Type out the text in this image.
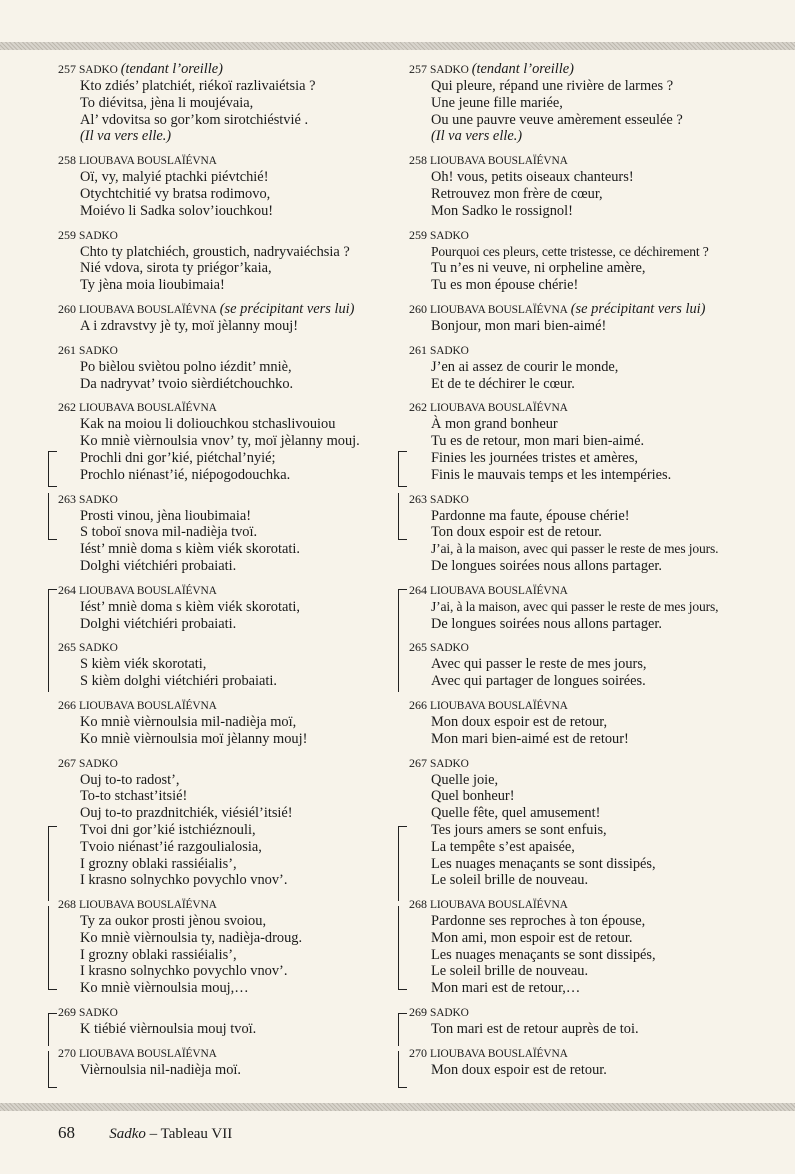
257 SADKO (tendant l’oreille)
Kto zdiés’ platchiét, riékoï razlivaiétsia ?
To diévitsa, jèna li moujévaia,
Al’ vdovitsa so gor’kom sirotchiéstvié .
(Il va vers elle.)
258 LIOUBAVA BOUSLAÏÉVNA
Oï, vy, malyié ptachki piévtchié!
Otychtchitié vy bratsa rodimovo,
Moiévo li Sadka solov’iouchkou!
259 SADKO
Chto ty platchiéch, groustich, nadryvaiéchsia ?
Nié vdova, sirota ty priégor’kaia,
Ty jèna moia lioubimaia!
260 LIOUBAVA BOUSLAÏÉVNA (se précipitant vers lui)
A i zdravstvy jè ty, moï jèlanny mouj!
261 SADKO
Po bièlou sviètou polno iézdit’ mniè,
Da nadryvat’ tvoio sièrdiétchouchko.
262 LIOUBAVA BOUSLAÏÉVNA
Kak na moiou li doliouchkou stchaslivouiou
Ko mniè vièrnoulsia vnov’ ty, moï jèlanny mouj.
Prochli dni gor’kié, piétchal’nyié;
Prochlo niénast’ié, niépogodouchka.
263 SADKO
Prosti vinou, jèna lioubimaia!
S toboï snova mil-nadièja tvoï.
Iést’ mniè doma s kièm viék skorotati.
Dolghi viétchiéri probaiati.
264 LIOUBAVA BOUSLAÏÉVNA
Iést’ mniè doma s kièm viék skorotati,
Dolghi viétchiéri probaiati.
265 SADKO
S kièm viék skorotati,
S kièm dolghi viétchiéri probaiati.
266 LIOUBAVA BOUSLAÏÉVNA
Ko mniè vièrnoulsia mil-nadièja moï,
Ko mniè vièrnoulsia moï jèlanny mouj!
267 SADKO
Ouj to-to radost’,
To-to stchast’itsié!
Ouj to-to prazdnitchiék, viésiél’itsié!
Tvoi dni gor’kié istchiéznouli,
Tvoio niénast’ié razgoulialosia,
I grozny oblaki rassiéialis’,
I krasno solnychko povychlo vnov’.
268 LIOUBAVA BOUSLAÏÉVNA
Ty za oukor prosti jènou svoiou,
Ko mniè vièrnoulsia ty, nadièja-droug.
I grozny oblaki rassiéialis’,
I krasno solnychko povychlo vnov’.
Ko mniè vièrnoulsia mouj,…
269 SADKO
K tiébié vièrnoulsia mouj tvoï.
270 LIOUBAVA BOUSLAÏÉVNA
Vièrnoulsia nil-nadièja moï.
257 SADKO (tendant l’oreille)
Qui pleure, répand une rivière de larmes ?
Une jeune fille mariée,
Ou une pauvre veuve amèrement esseulée ?
(Il va vers elle.)
258 LIOUBAVA BOUSLAÏÉVNA
Oh! vous, petits oiseaux chanteurs!
Retrouvez mon frère de cœur,
Mon Sadko le rossignol!
259 SADKO
Pourquoi ces pleurs, cette tristesse, ce déchirement ?
Tu n’es ni veuve, ni orpheline amère,
Tu es mon épouse chérie!
260 LIOUBAVA BOUSLAÏÉVNA (se précipitant vers lui)
Bonjour, mon mari bien-aimé!
261 SADKO
J’en ai assez de courir le monde,
Et de te déchirer le cœur.
262 LIOUBAVA BOUSLAÏÉVNA
À mon grand bonheur
Tu es de retour, mon mari bien-aimé.
Finies les journées tristes et amères,
Finis le mauvais temps et les intempéries.
263 SADKO
Pardonne ma faute, épouse chérie!
Ton doux espoir est de retour.
J’ai, à la maison, avec qui passer le reste de mes jours.
De longues soirées nous allons partager.
264 LIOUBAVA BOUSLAÏÉVNA
J’ai, à la maison, avec qui passer le reste de mes jours,
De longues soirées nous allons partager.
265 SADKO
Avec qui passer le reste de mes jours,
Avec qui partager de longues soirées.
266 LIOUBAVA BOUSLAÏÉVNA
Mon doux espoir est de retour,
Mon mari bien-aimé est de retour!
267 SADKO
Quelle joie,
Quel bonheur!
Quelle fête, quel amusement!
Tes jours amers se sont enfuis,
La tempête s’est apaisée,
Les nuages menaçants se sont dissipés,
Le soleil brille de nouveau.
268 LIOUBAVA BOUSLAÏÉVNA
Pardonne ses reproches à ton épouse,
Mon ami, mon espoir est de retour.
Les nuages menaçants se sont dissipés,
Le soleil brille de nouveau.
Mon mari est de retour,…
269 SADKO
Ton mari est de retour auprès de toi.
270 LIOUBAVA BOUSLAÏÉVNA
Mon doux espoir est de retour.
68 Sadko – Tableau VII
